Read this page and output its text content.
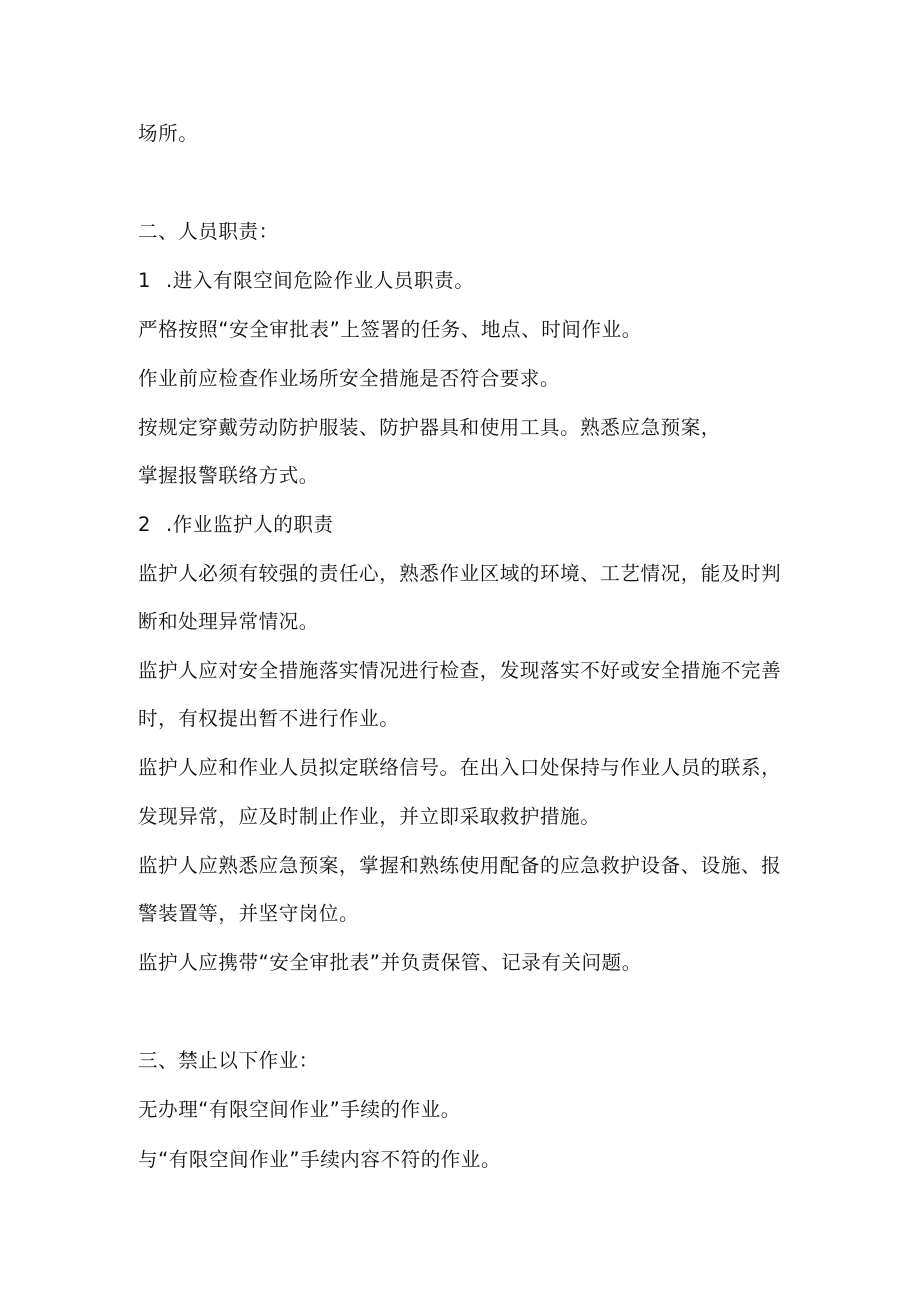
场所。
二、人员职责：
1 .进入有限空间危险作业人员职责。
严格按照“安全审批表”上签署的任务、地点、时间作业。
作业前应检查作业场所安全措施是否符合要求。
按规定穿戴劳动防护服装、防护器具和使用工具。熟悉应急预案，
掌握报警联络方式。
2 .作业监护人的职责
监护人必须有较强的责任心，熟悉作业区域的环境、工艺情况，能及时判
断和处理异常情况。
监护人应对安全措施落实情况进行检查，发现落实不好或安全措施不完善
时，有权提出暂不进行作业。
监护人应和作业人员拟定联络信号。在出入口处保持与作业人员的联系，
发现异常，应及时制止作业，并立即采取救护措施。
监护人应熟悉应急预案，掌握和熟练使用配备的应急救护设备、设施、报
警装置等，并坚守岗位。
监护人应携带“安全审批表”并负责保管、记录有关问题。
三、禁止以下作业：
无办理“有限空间作业”手续的作业。
与“有限空间作业”手续内容不符的作业。
